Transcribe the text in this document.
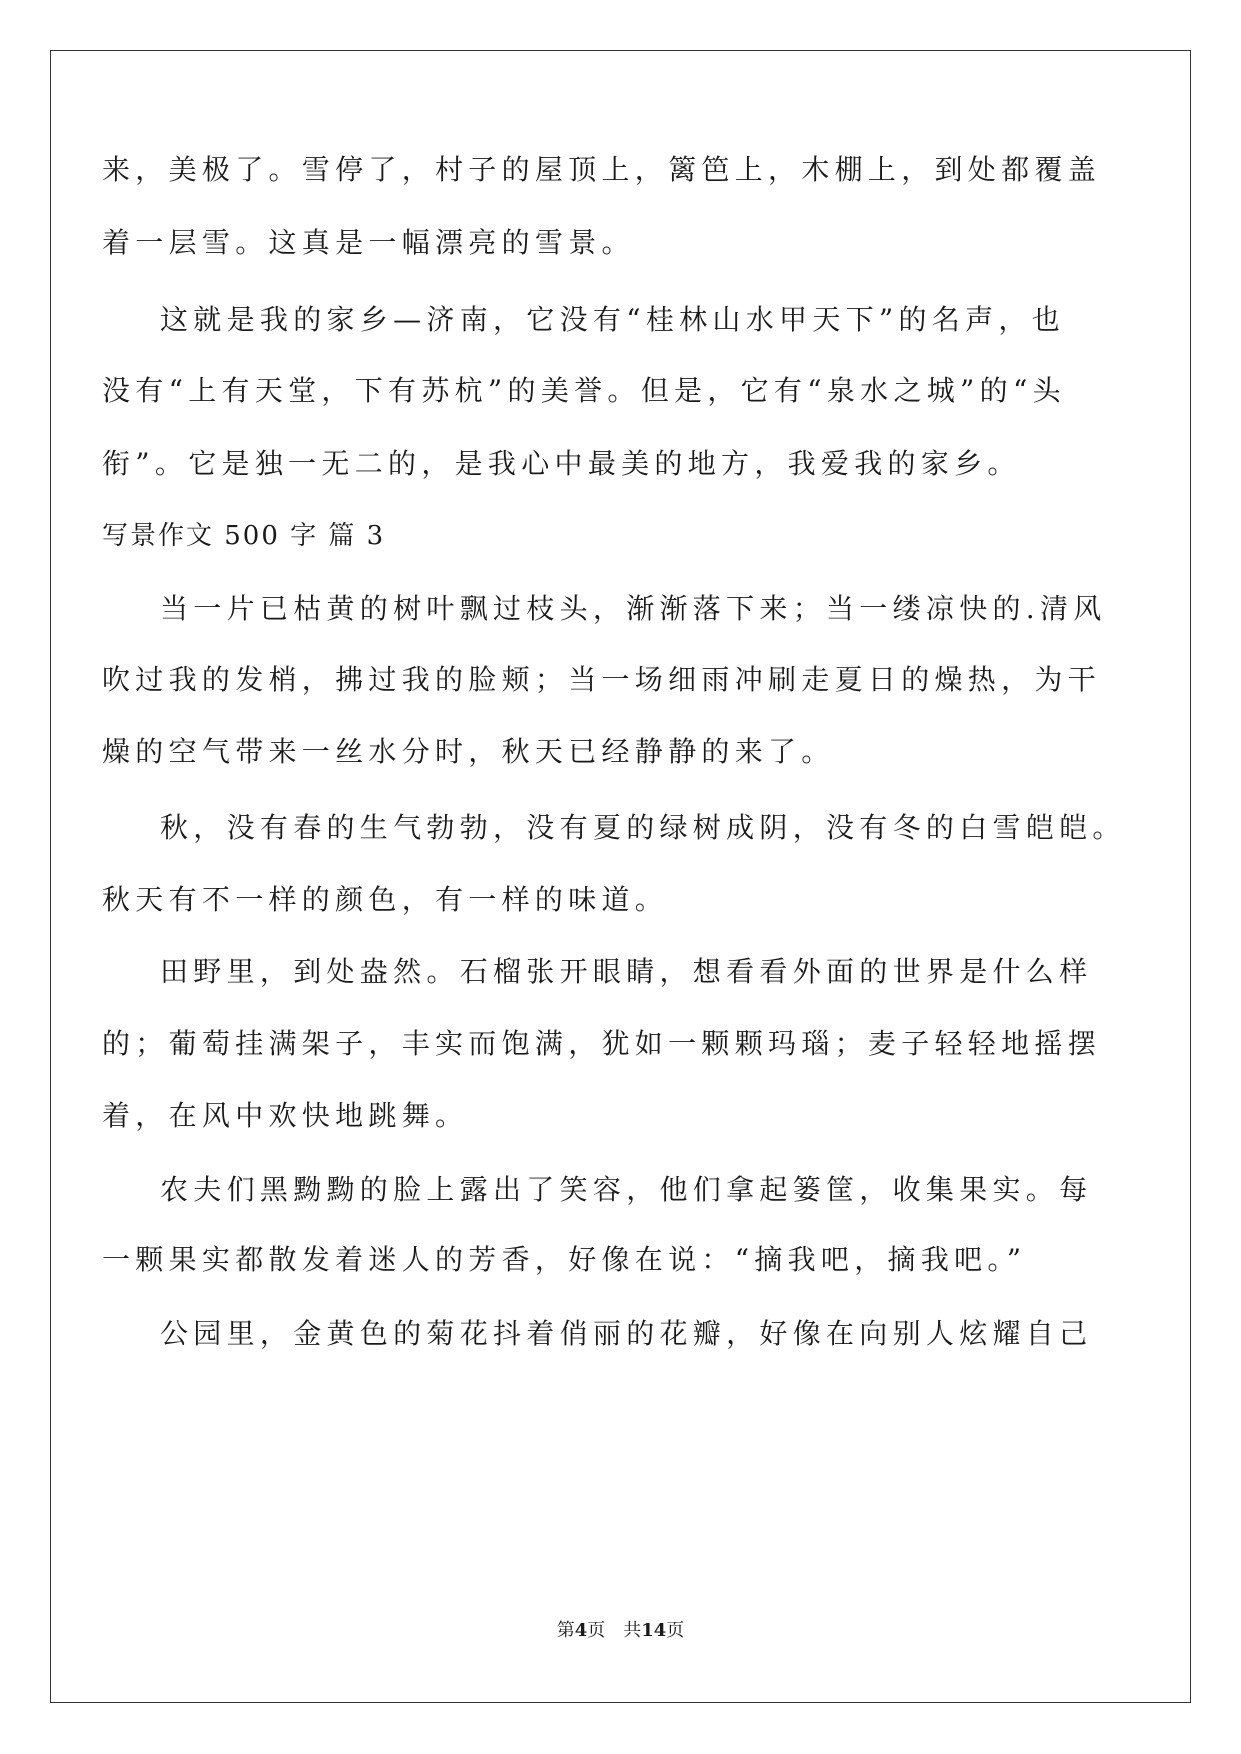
来，美极了。雪停了，村子的屋顶上，篱笆上，木棚上，到处都覆盖
着一层雪。这真是一幅漂亮的雪景。
这就是我的家乡—济南，它没有“桂林山水甲天下”的名声，也
没有“上有天堂，下有苏杭”的美誉。但是，它有“泉水之城”的“头
衔”。它是独一无二的，是我心中最美的地方，我爱我的家乡。
写景作文 500 字 篇 3
当一片已枯黄的树叶飘过枝头，渐渐落下来；当一缕凉快的.清风
吹过我的发梢，拂过我的脸颊；当一场细雨冲刷走夏日的燥热，为干
燥的空气带来一丝水分时，秋天已经静静的来了。
秋，没有春的生气勃勃，没有夏的绿树成阴，没有冬的白雪皑皑。
秋天有不一样的颜色，有一样的味道。
田野里，到处盎然。石榴张开眼睛，想看看外面的世界是什么样
的；葡萄挂满架子，丰实而饱满，犹如一颗颗玛瑙；麦子轻轻地摇摆
着，在风中欢快地跳舞。
农夫们黑黝黝的脸上露出了笑容，他们拿起篓筐，收集果实。每
一颗果实都散发着迷人的芳香，好像在说：“摘我吧，摘我吧。”
公园里，金黄色的菊花抖着俏丽的花瓣，好像在向别人炫耀自己
第4页　共14页
